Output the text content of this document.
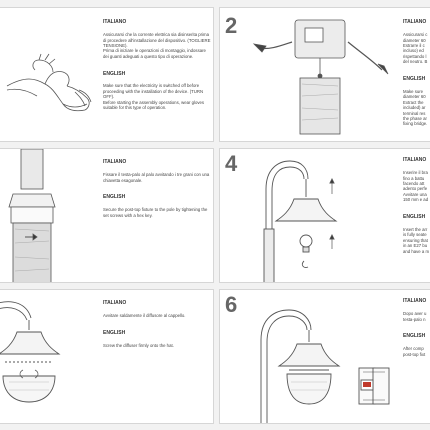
ITALIANO

Assicurarsi che la corrente elettrica sia disinserita prima di procedere all'installazione del dispositivo. (TOGLIERE TENSIONE).
Prima di iniziare le operazioni di montaggio, indossare dei guanti adeguati a questo tipo di operazione.

ENGLISH

Make sure that the electricity is switched off before proceeding with the installation of the device. (TURN OFF).
Before starting the assembly operations, wear gloves suitable for this type of operation.

2	ITALIANO

Assicurarsi c
diameter 60
Estrarre il c
incluso) ed
rispettando l
del neutro. B

ENGLISH

Make sure
diameter 60
Extract the
included) ar
terminal res
the phase ar
fixing bridge.

ITALIANO

Fissare il testa-palo al palo avvitando i tre grani con una chiavetta esagonale.

ENGLISH

Secure the post-top fixture to the pole by tightening the set screws with a hex key.

4	ITALIANO

Inserire il bra
fino a battu
facendo att
adento perfe
Avvitare una
150 mm e ad

ENGLISH

Insert the arr
is fully seate
ensuring that
in an E27 bu
and have a m

ITALIANO

Avvitare saldamente il diffusore al cappello.

ENGLISH

Screw the diffuser firmly onto the hat.

6	ITALIANO

Dopo aver u
testa-palo n

ENGLISH

After comp
post-top fixt
